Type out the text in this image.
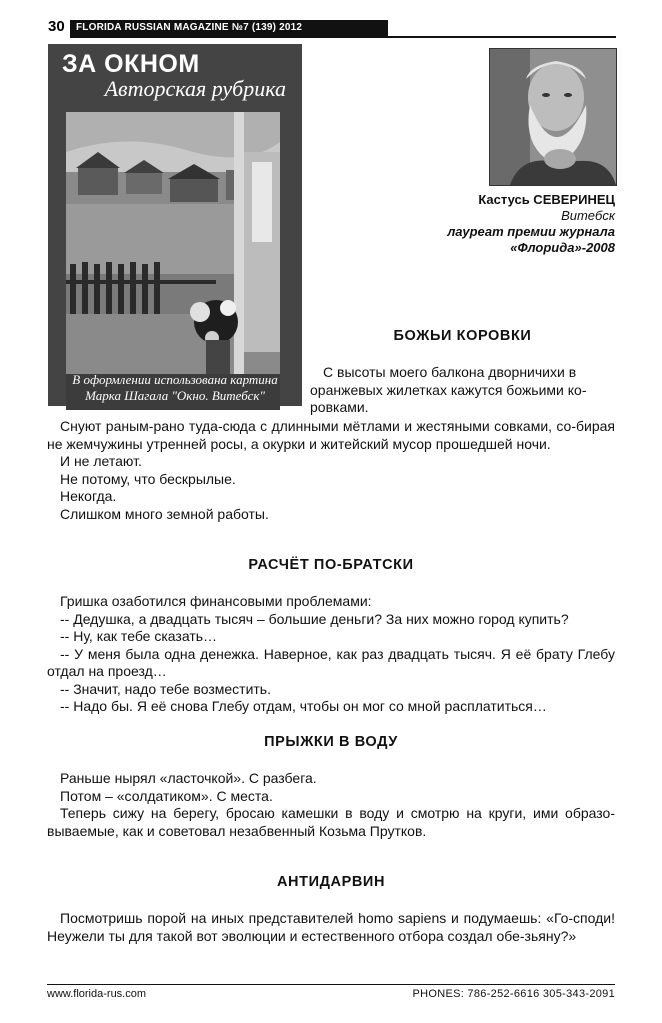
30	FLORIDA RUSSIAN MAGAZINE №7 (139) 2012
ЗА ОКНОМ
Авторская рубрика
В оформлении использована картина
Марка Шагала "Окно. Витебск"
Кастусь СЕВЕРИНЕЦ
Витебск
лауреат премии журнала
«Флорида»-2008
БОЖЬИ КОРОВКИ
С высоты моего балкона дворничихи в
оранжевых жилетках кажутся божьими ко-
ровками.
Снуют раным-рано туда-сюда с длинными мётлами и жестяными совками, со-бирая не жемчужины утренней росы, а окурки и житейский мусор прошедшей ночи.
И не летают.
Не потому, что бескрылые.
Некогда.
Слишком много земной работы.
РАСЧЁТ ПО-БРАТСКИ
Гришка озаботился финансовыми проблемами:
-- Дедушка, а двадцать тысяч – большие деньги? За них можно город купить?
-- Ну, как тебе сказать…
-- У меня была одна денежка. Наверное, как раз двадцать тысяч. Я её брату Глебу отдал на проезд…
-- Значит, надо тебе возместить.
-- Надо бы. Я её снова Глебу отдам, чтобы он мог со мной расплатиться…
ПРЫЖКИ В ВОДУ
Раньше нырял «ласточкой». С разбега.
Потом – «солдатиком». С места.
Теперь сижу на берегу, бросаю камешки в воду и смотрю на круги, ими образо-вываемые, как и советовал незабвенный Козьма Прутков.
АНТИДАРВИН
Посмотришь порой на иных представителей homo sapiens и подумаешь: «Го-споди! Неужели ты для такой вот эволюции и естественного отбора создал обе-зьяну?»
www.florida-rus.com	PHONES: 786-252-6616 305-343-2091
